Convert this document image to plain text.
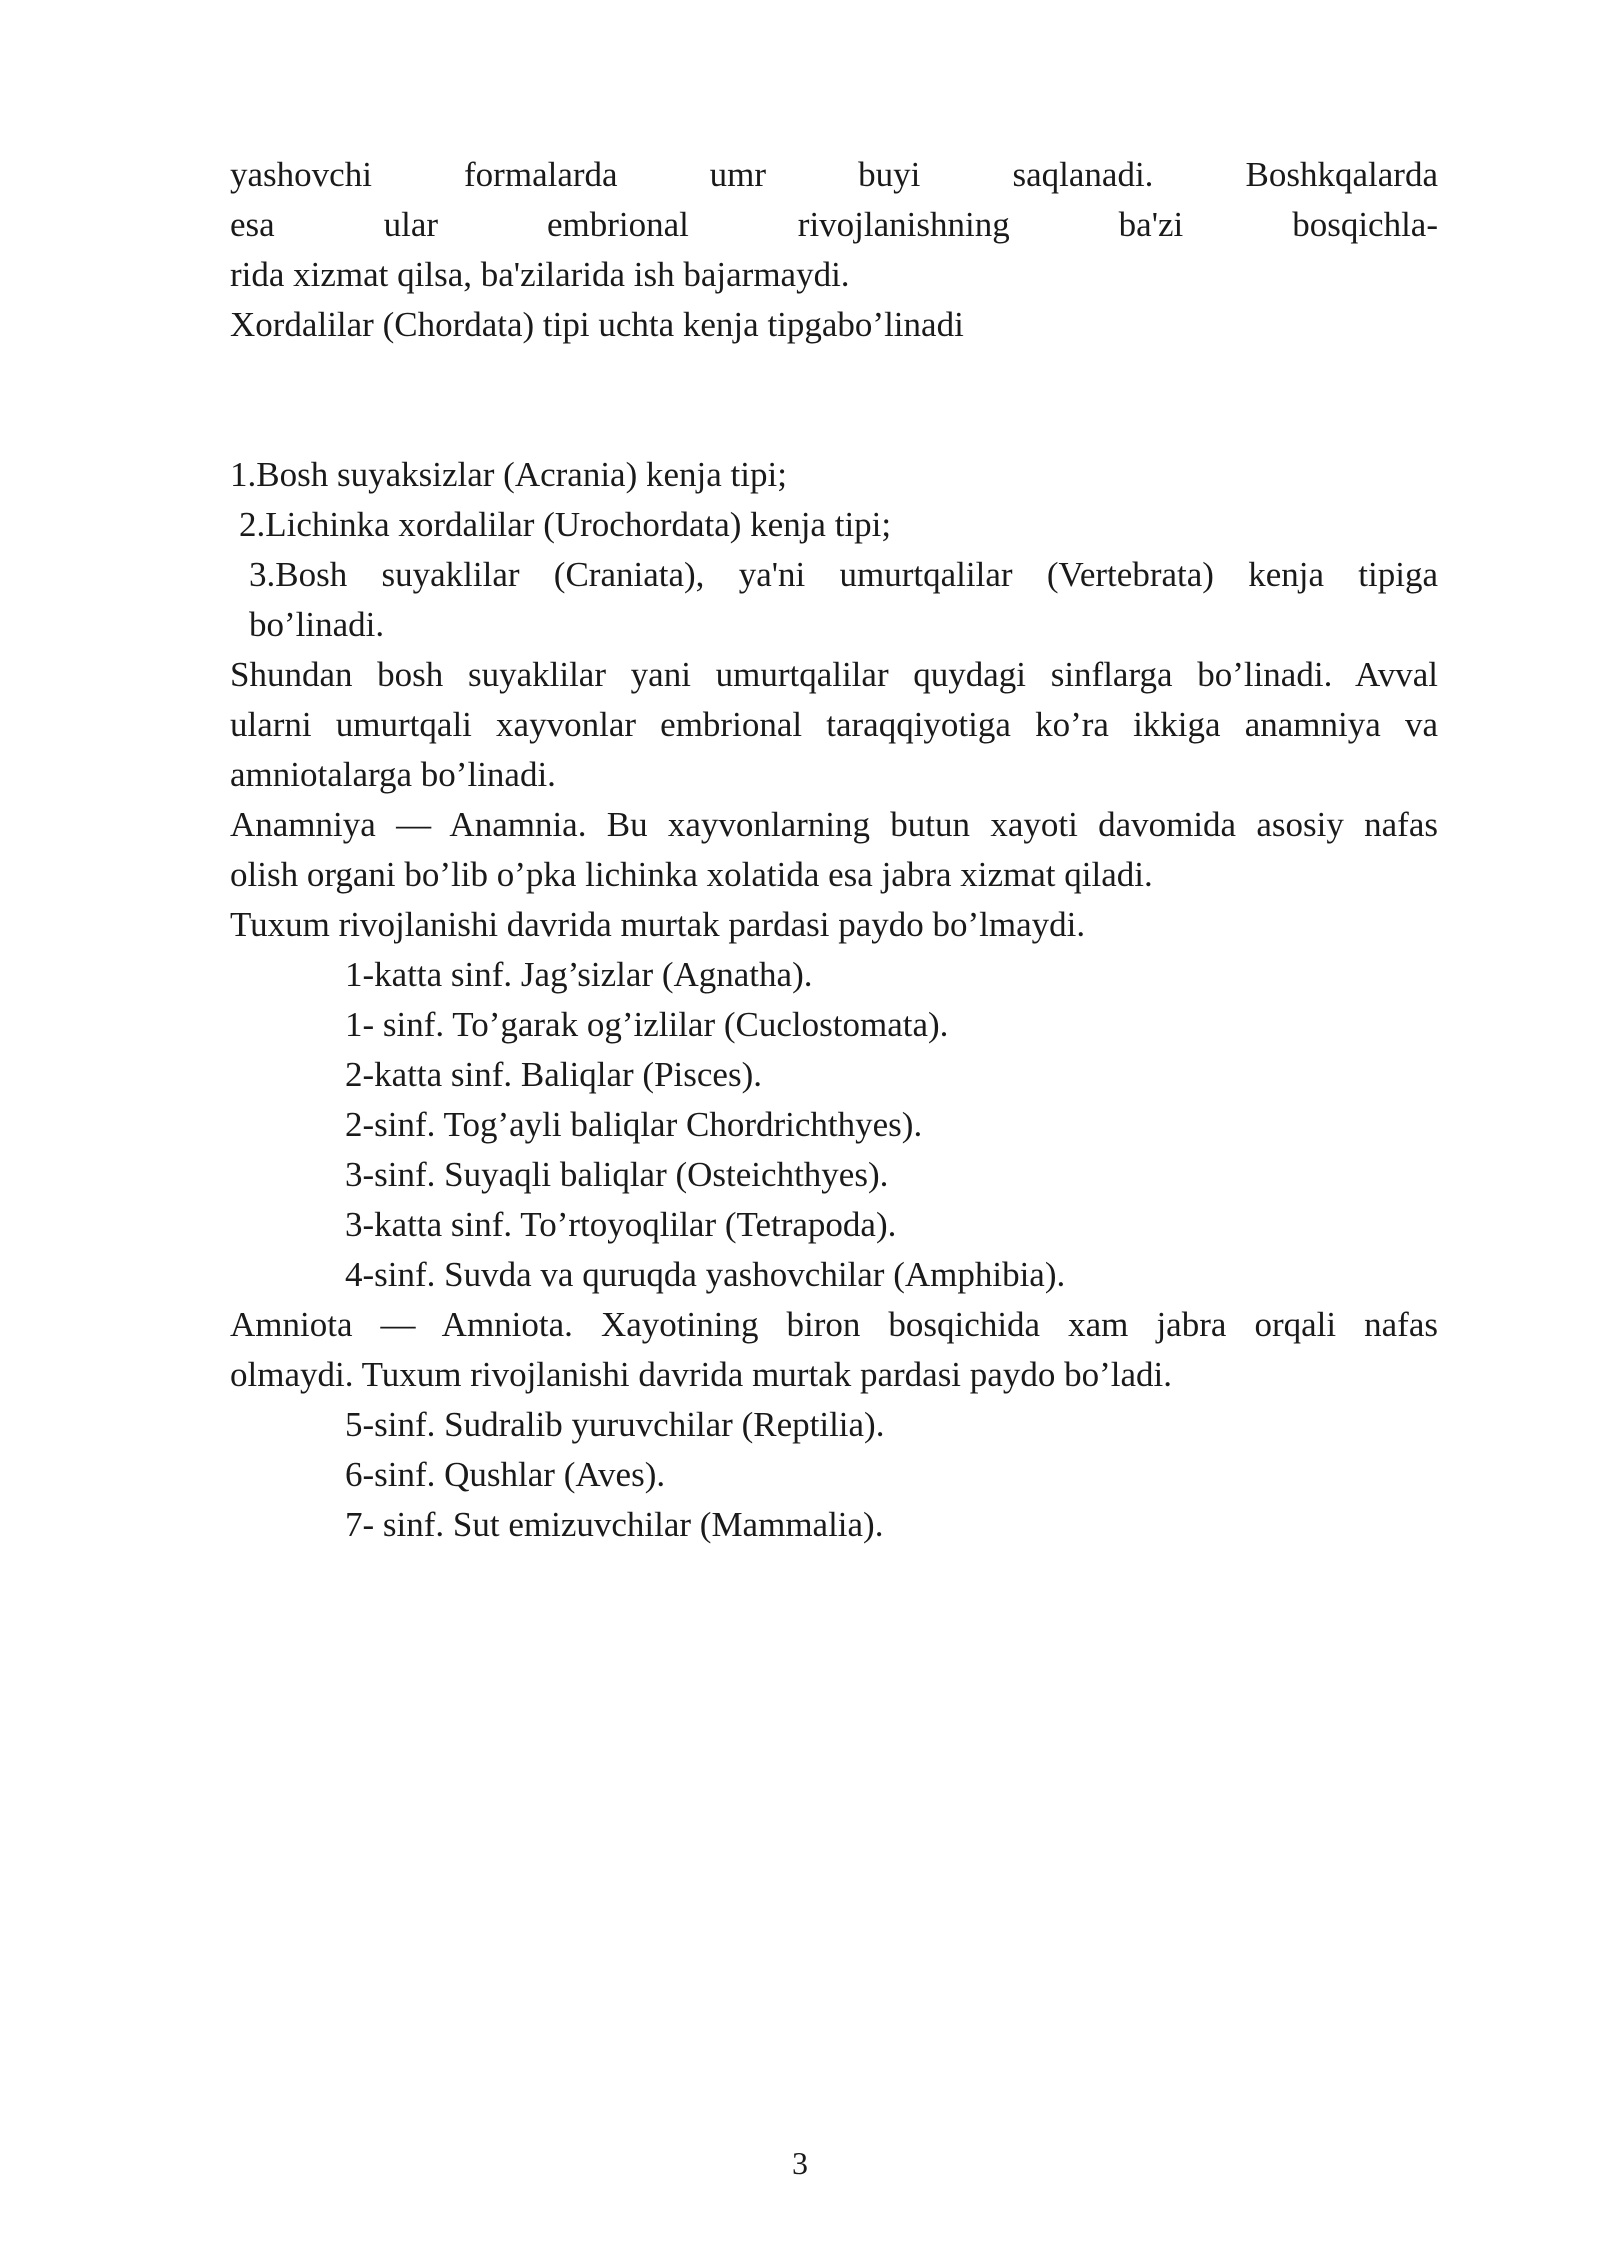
yashovchi formalarda umr buyi saqlanadi. Boshkqalarda
esa ular embrional rivojlanishning ba'zi bosqichla-
rida xizmat qilsa, ba'zilarida ish bajarmaydi.
Xordalilar (Chordata) tipi uchta kenja tipgabo’linadi
1.Bosh suyaksizlar (Acrania) kenja tipi;
2.Lichinka xordalilar (Urochordata) kenja tipi;
3.Bosh suyaklilar (Craniata), ya'ni umurtqalilar (Vertebrata) kenja tipiga
bo’linadi.
Shundan bosh suyaklilar yani umurtqalilar quydagi sinflarga bo’linadi. Avval
ularni umurtqali xayvonlar embrional taraqqiyotiga ko’ra ikkiga anamniya va
amniotalarga bo’linadi.
Anamniya — Anamnia. Bu xayvonlarning butun xayoti davomida asosiy nafas
olish organi bo’lib o’pka lichinka xolatida esa jabra xizmat qiladi.
Tuxum rivojlanishi davrida murtak pardasi paydo bo’lmaydi.
1-katta sinf. Jag’sizlar (Agnatha).
1- sinf. To’garak og’izlilar (Cuclostomata).
2-katta sinf. Baliqlar (Pisces).
2-sinf. Tog’ayli baliqlar Chordrichthyes).
3-sinf. Suyaqli baliqlar (Osteichthyes).
3-katta sinf. To’rtoyoqlilar (Tetrapoda).
4-sinf. Suvda va quruqda yashovchilar (Amphibia).
Amniota — Amniota. Xayotining biron bosqichida xam jabra orqali nafas
olmaydi. Tuxum rivojlanishi davrida murtak pardasi paydo bo’ladi.
5-sinf. Sudralib yuruvchilar (Reptilia).
6-sinf. Qushlar (Aves).
7- sinf. Sut emizuvchilar (Mammalia).
3
